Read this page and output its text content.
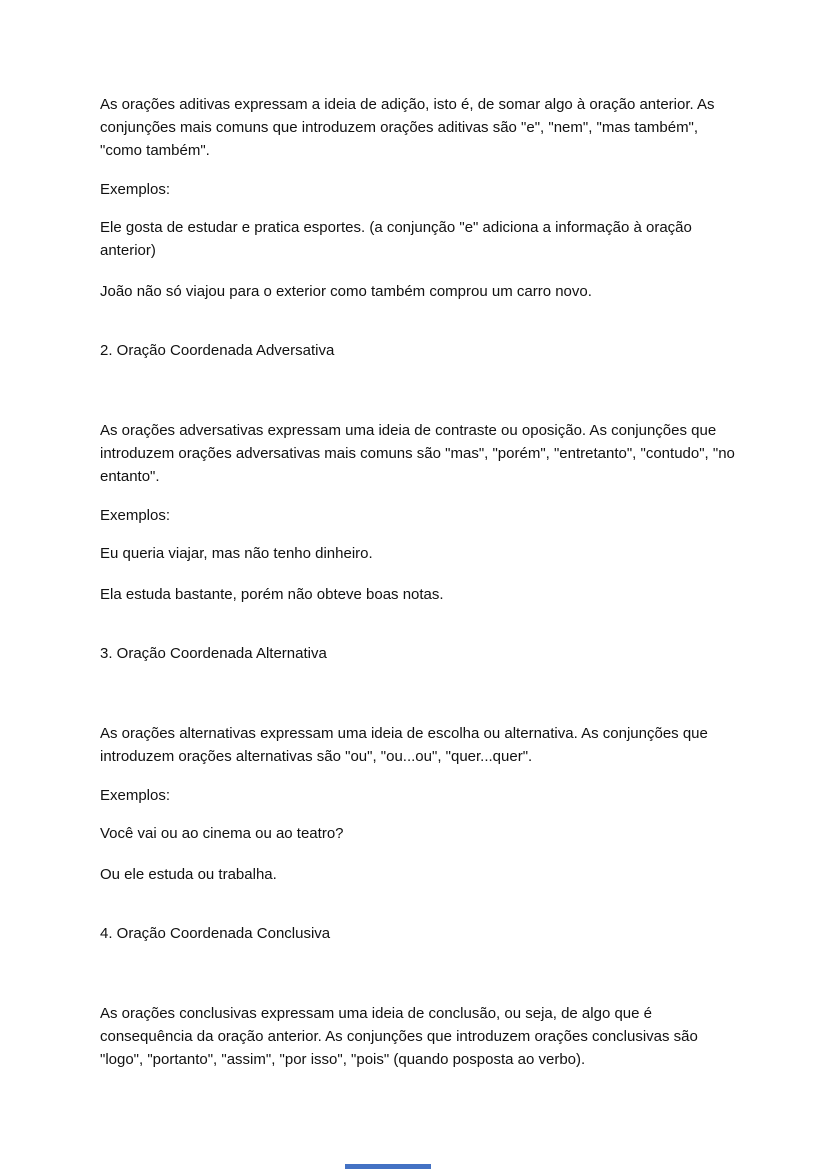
As orações aditivas expressam a ideia de adição, isto é, de somar algo à oração anterior. As conjunções mais comuns que introduzem orações aditivas são "e", "nem", "mas também", "como também".

Exemplos:

Ele gosta de estudar e pratica esportes. (a conjunção "e" adiciona a informação à oração anterior)

João não só viajou para o exterior como também comprou um carro novo.

2. Oração Coordenada Adversativa

As orações adversativas expressam uma ideia de contraste ou oposição. As conjunções que introduzem orações adversativas mais comuns são "mas", "porém", "entretanto", "contudo", "no entanto".

Exemplos:

Eu queria viajar, mas não tenho dinheiro.

Ela estuda bastante, porém não obteve boas notas.

3. Oração Coordenada Alternativa

As orações alternativas expressam uma ideia de escolha ou alternativa. As conjunções que introduzem orações alternativas são "ou", "ou...ou", "quer...quer".

Exemplos:

Você vai ou ao cinema ou ao teatro?

Ou ele estuda ou trabalha.

4. Oração Coordenada Conclusiva

As orações conclusivas expressam uma ideia de conclusão, ou seja, de algo que é consequência da oração anterior. As conjunções que introduzem orações conclusivas são "logo", "portanto", "assim", "por isso", "pois" (quando posposta ao verbo).
